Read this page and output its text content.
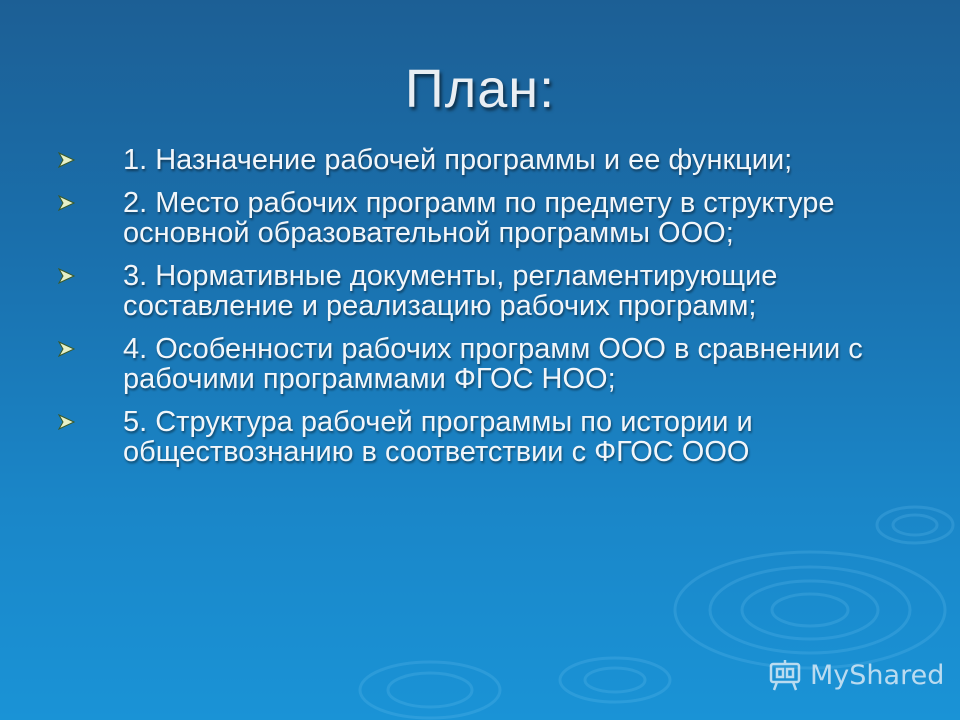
План:
1. Назначение рабочей программы и ее функции;
2. Место рабочих программ по предмету в структуре основной образовательной программы ООО;
3. Нормативные документы, регламентирующие составление и реализацию рабочих программ;
4. Особенности рабочих программ ООО в сравнении с рабочими программами ФГОС НОО;
5. Структура рабочей программы по истории и обществознанию в соответствии с ФГОС ООО
MyShared
